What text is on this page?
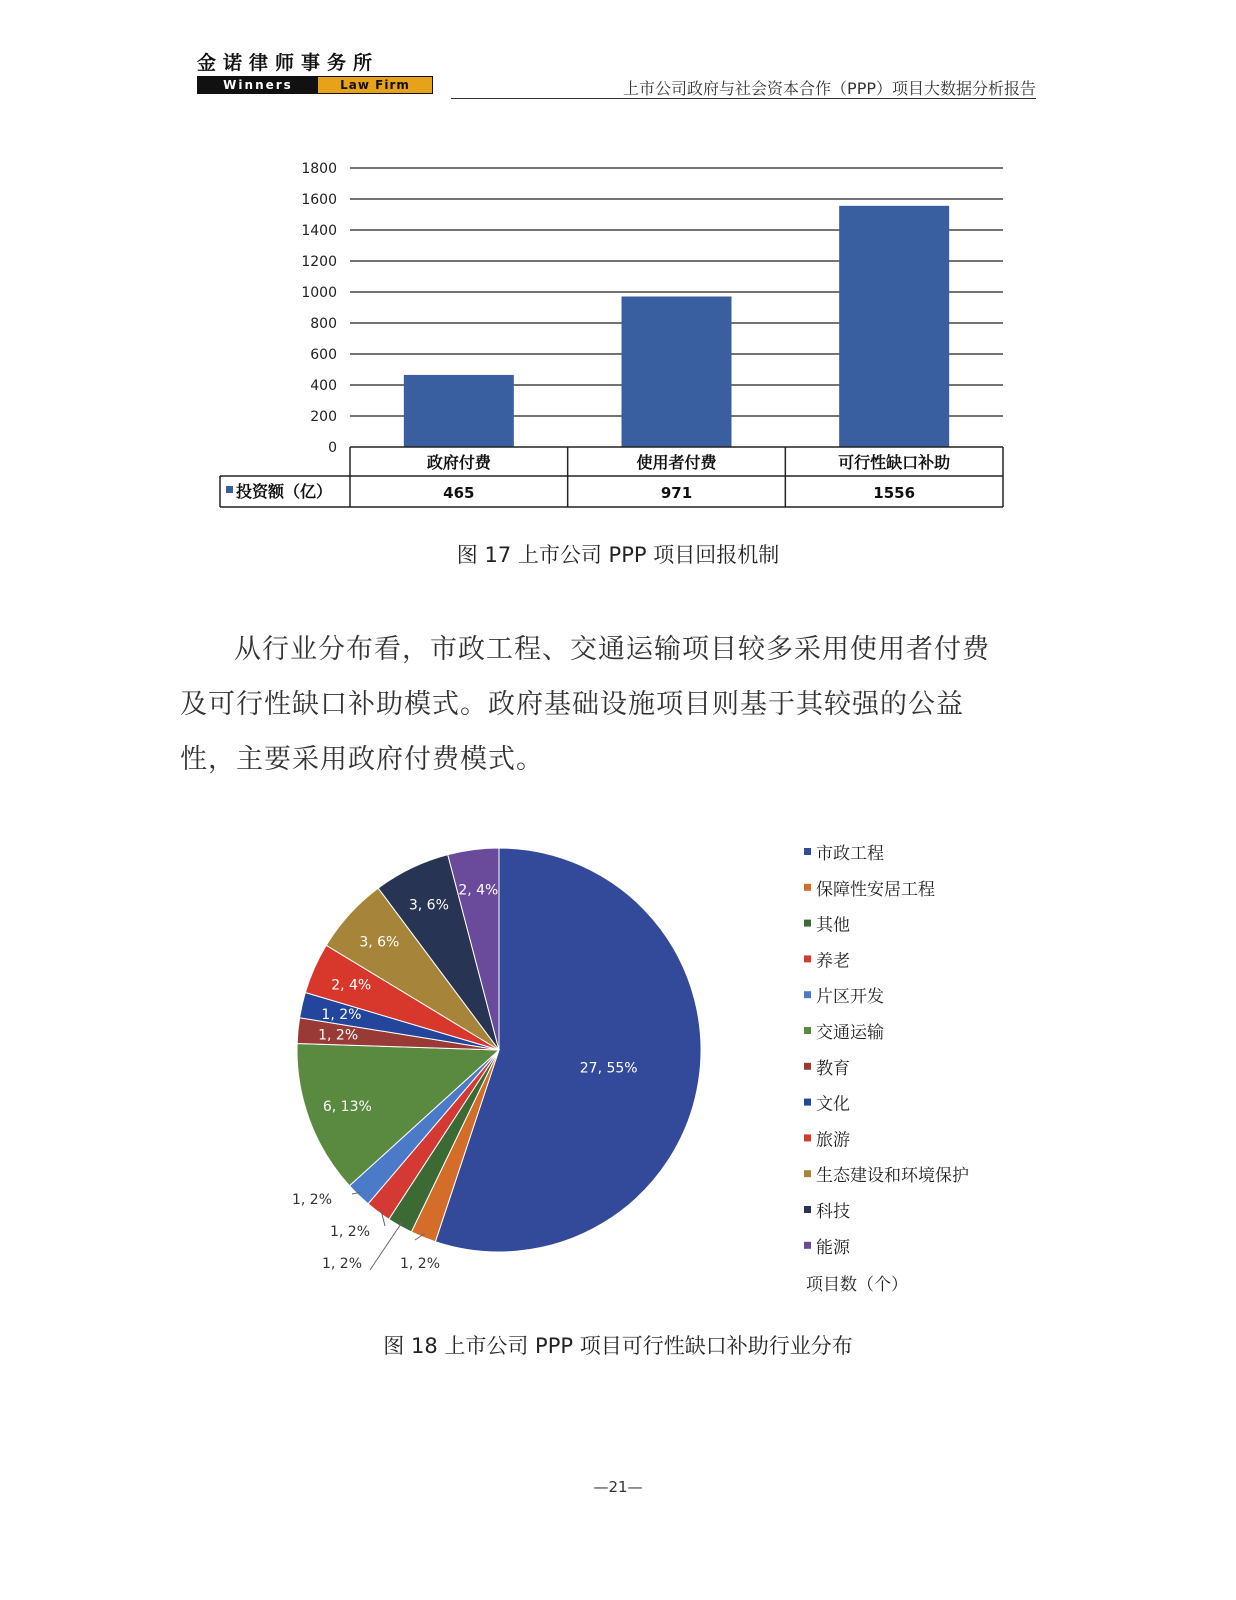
金诺律师事务所
Winners	Law Firm	上市公司政府与社会资本合作（PPP）项目大数据分析报告
0
200
400
600
800
1000
1200
1400
1600
1800
政府付费	使用者付费	可行性缺口补助
465	971	1556
投资额（亿）
图 17 上市公司 PPP 项目回报机制

从行业分布看，市政工程、交通运输项目较多采用使用者付费及可行性缺口补助模式。政府基础设施项目则基于其较强的公益性，主要采用政府付费模式。

27, 55%
1, 2%
1, 2%
1, 2%
1, 2%
6, 13%
1, 2%
1, 2%
2, 4%
3, 6%
3, 6%
2, 4%
市政工程
保障性安居工程
其他
养老
片区开发
交通运输
教育
文化
旅游
生态建设和环境保护
科技
能源
项目数（个）
图 18 上市公司 PPP 项目可行性缺口补助行业分布
—21—
